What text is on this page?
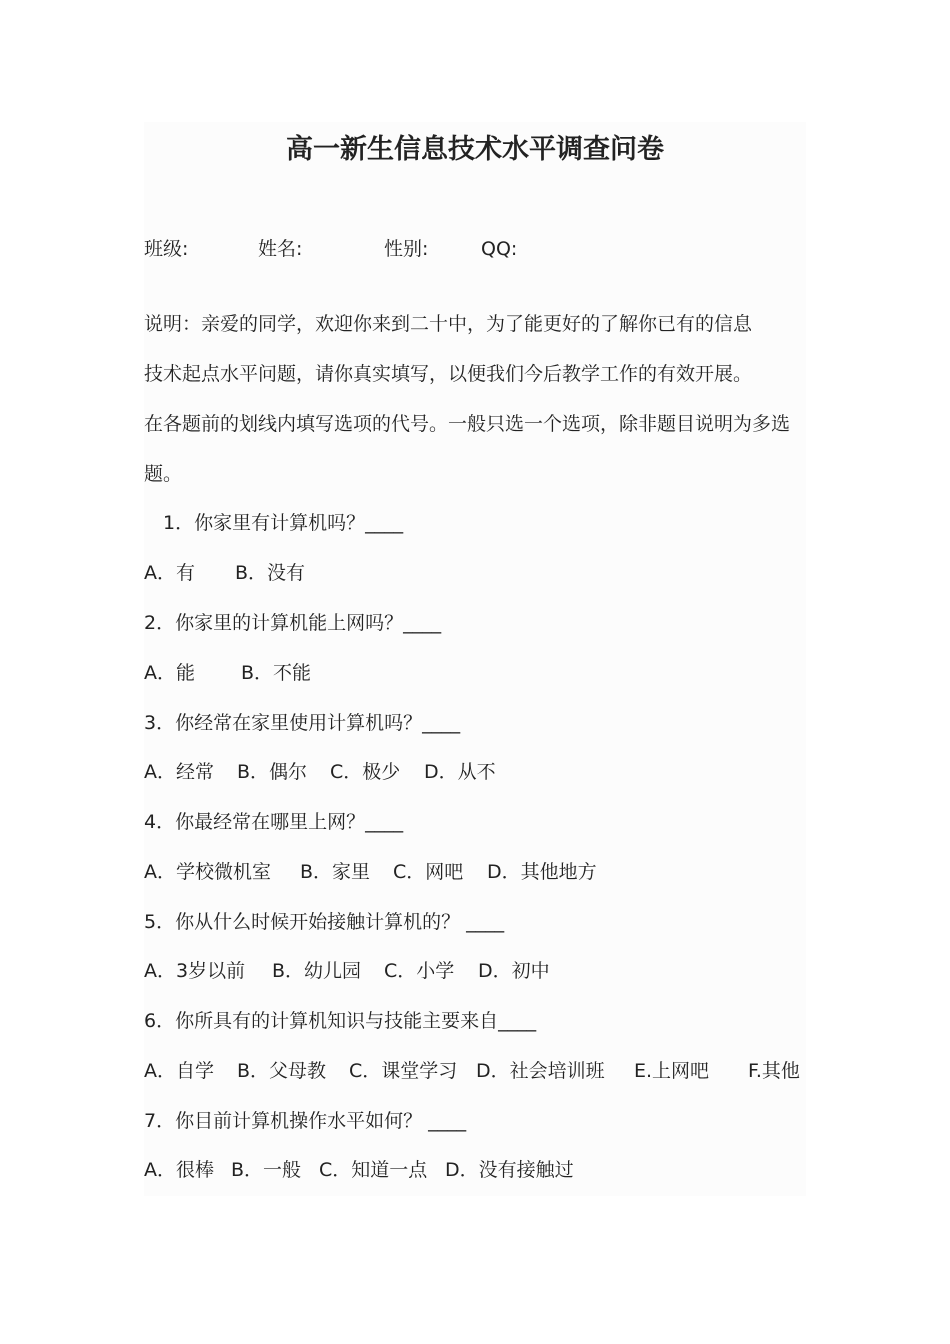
高一新生信息技术水平调查问卷
班级:	姓名:	性别:	QQ:
说明：亲爱的同学，欢迎你来到二十中，为了能更好的了解你已有的信息
技术起点水平问题，请你真实填写，以便我们今后教学工作的有效开展。
在各题前的划线内填写选项的代号。一般只选一个选项，除非题目说明为多选
题。
1．你家里有计算机吗？____
A．有 B．没有
2．你家里的计算机能上网吗？____
A．能 B．不能
3．你经常在家里使用计算机吗？____
A．经常 B．偶尔 C．极少 D．从不
4．你最经常在哪里上网？____
A．学校微机室 B．家里 C．网吧 D．其他地方
5．你从什么时候开始接触计算机的？ ____
A．3岁以前 B．幼儿园 C．小学 D．初中
6．你所具有的计算机知识与技能主要来自____
A．自学 B．父母教 C．课堂学习 D．社会培训班 E.上网吧 F.其他
7．你目前计算机操作水平如何？ ____
A．很棒 B．一般 C．知道一点 D．没有接触过
